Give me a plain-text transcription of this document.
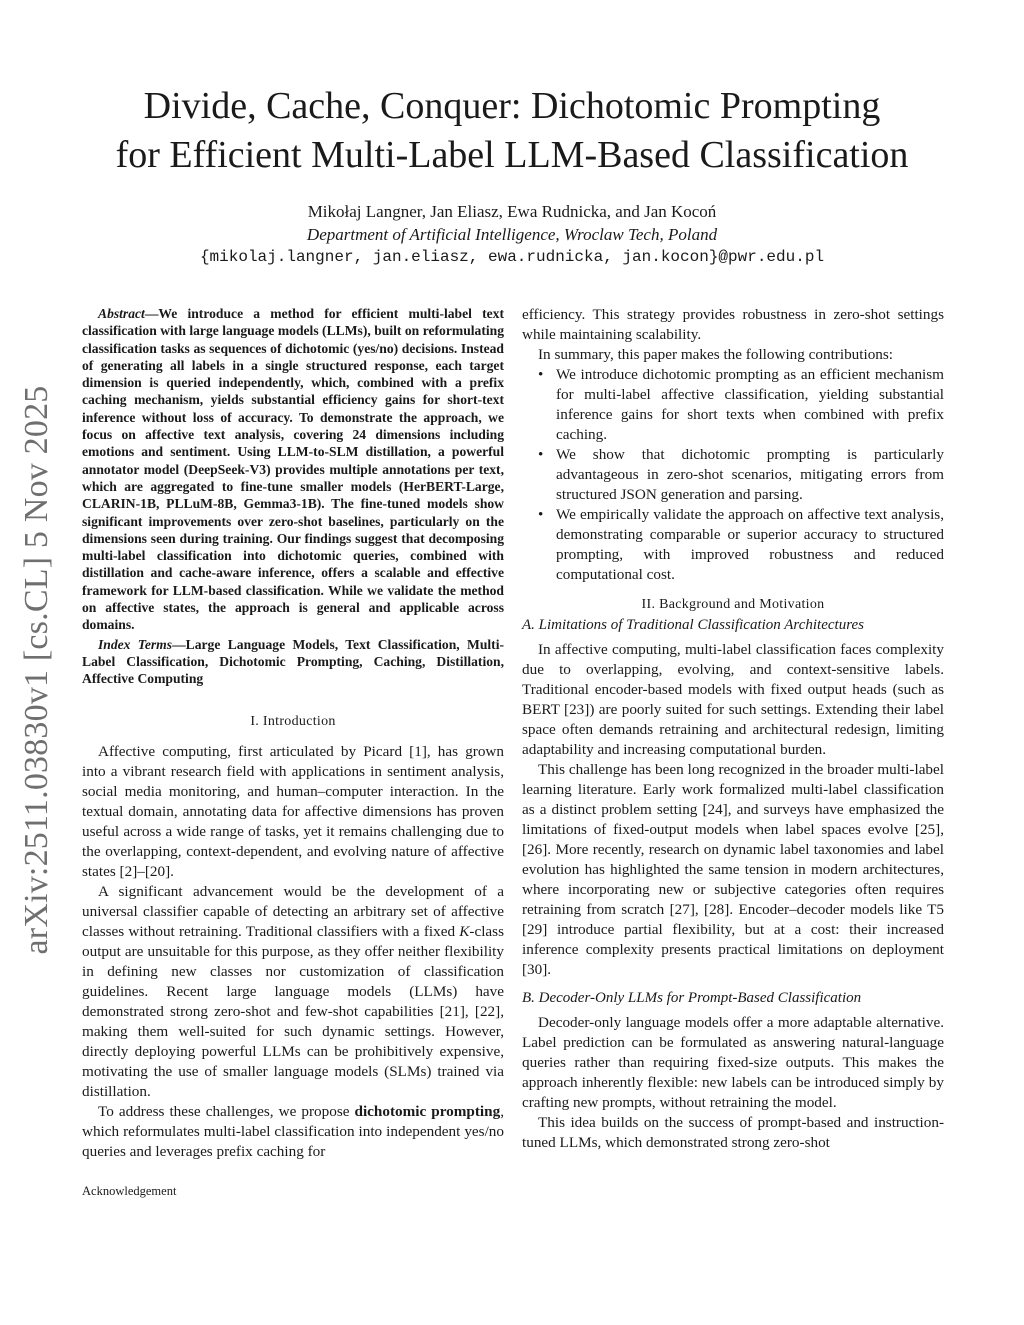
arXiv:2511.03830v1 [cs.CL] 5 Nov 2025
Divide, Cache, Conquer: Dichotomic Prompting
for Efficient Multi-Label LLM-Based Classification
Mikołaj Langner, Jan Eliasz, Ewa Rudnicka, and Jan Kocoń
Department of Artificial Intelligence, Wroclaw Tech, Poland
{mikolaj.langner, jan.eliasz, ewa.rudnicka, jan.kocon}@pwr.edu.pl

Abstract—We introduce a method for efficient multi-label text classification with large language models (LLMs), built on reformulating classification tasks as sequences of dichotomic (yes/no) decisions. Instead of generating all labels in a single structured response, each target dimension is queried independently, which, combined with a prefix caching mechanism, yields substantial efficiency gains for short-text inference without loss of accuracy. To demonstrate the approach, we focus on affective text analysis, covering 24 dimensions including emotions and sentiment. Using LLM-to-SLM distillation, a powerful annotator model (DeepSeek-V3) provides multiple annotations per text, which are aggregated to fine-tune smaller models (HerBERT-Large, CLARIN-1B, PLLuM-8B, Gemma3-1B). The fine-tuned models show significant improvements over zero-shot baselines, particularly on the dimensions seen during training. Our findings suggest that decomposing multi-label classification into dichotomic queries, combined with distillation and cache-aware inference, offers a scalable and effective framework for LLM-based classification. While we validate the method on affective states, the approach is general and applicable across domains.

Index Terms—Large Language Models, Text Classification, Multi-Label Classification, Dichotomic Prompting, Caching, Distillation, Affective Computing

I. Introduction

Affective computing, first articulated by Picard [1], has grown into a vibrant research field with applications in sentiment analysis, social media monitoring, and human–computer interaction. In the textual domain, annotating data for affective dimensions has proven useful across a wide range of tasks, yet it remains challenging due to the overlapping, context-dependent, and evolving nature of affective states [2]–[20].

A significant advancement would be the development of a universal classifier capable of detecting an arbitrary set of affective classes without retraining. Traditional classifiers with a fixed K-class output are unsuitable for this purpose, as they offer neither flexibility in defining new classes nor customization of classification guidelines. Recent large language models (LLMs) have demonstrated strong zero-shot and few-shot capabilities [21], [22], making them well-suited for such dynamic settings. However, directly deploying powerful LLMs can be prohibitively expensive, motivating the use of smaller language models (SLMs) trained via distillation.

To address these challenges, we propose dichotomic prompting, which reformulates multi-label classification into independent yes/no queries and leverages prefix caching for

Acknowledgement

efficiency. This strategy provides robustness in zero-shot settings while maintaining scalability.

In summary, this paper makes the following contributions:

• We introduce dichotomic prompting as an efficient mechanism for multi-label affective classification, yielding substantial inference gains for short texts when combined with prefix caching.
• We show that dichotomic prompting is particularly advantageous in zero-shot scenarios, mitigating errors from structured JSON generation and parsing.
• We empirically validate the approach on affective text analysis, demonstrating comparable or superior accuracy to structured prompting, with improved robustness and reduced computational cost.
II. Background and Motivation
A. Limitations of Traditional Classification Architectures

In affective computing, multi-label classification faces complexity due to overlapping, evolving, and context-sensitive labels. Traditional encoder-based models with fixed output heads (such as BERT [23]) are poorly suited for such settings. Extending their label space often demands retraining and architectural redesign, limiting adaptability and increasing computational burden.

This challenge has been long recognized in the broader multi-label learning literature. Early work formalized multi-label classification as a distinct problem setting [24], and surveys have emphasized the limitations of fixed-output models when label spaces evolve [25], [26]. More recently, research on dynamic label taxonomies and label evolution has highlighted the same tension in modern architectures, where incorporating new or subjective categories often requires retraining from scratch [27], [28]. Encoder–decoder models like T5 [29] introduce partial flexibility, but at a cost: their increased inference complexity presents practical limitations on deployment [30].

B. Decoder-Only LLMs for Prompt-Based Classification

Decoder-only language models offer a more adaptable alternative. Label prediction can be formulated as answering natural-language queries rather than requiring fixed-size outputs. This makes the approach inherently flexible: new labels can be introduced simply by crafting new prompts, without retraining the model.

This idea builds on the success of prompt-based and instruction-tuned LLMs, which demonstrated strong zero-shot
